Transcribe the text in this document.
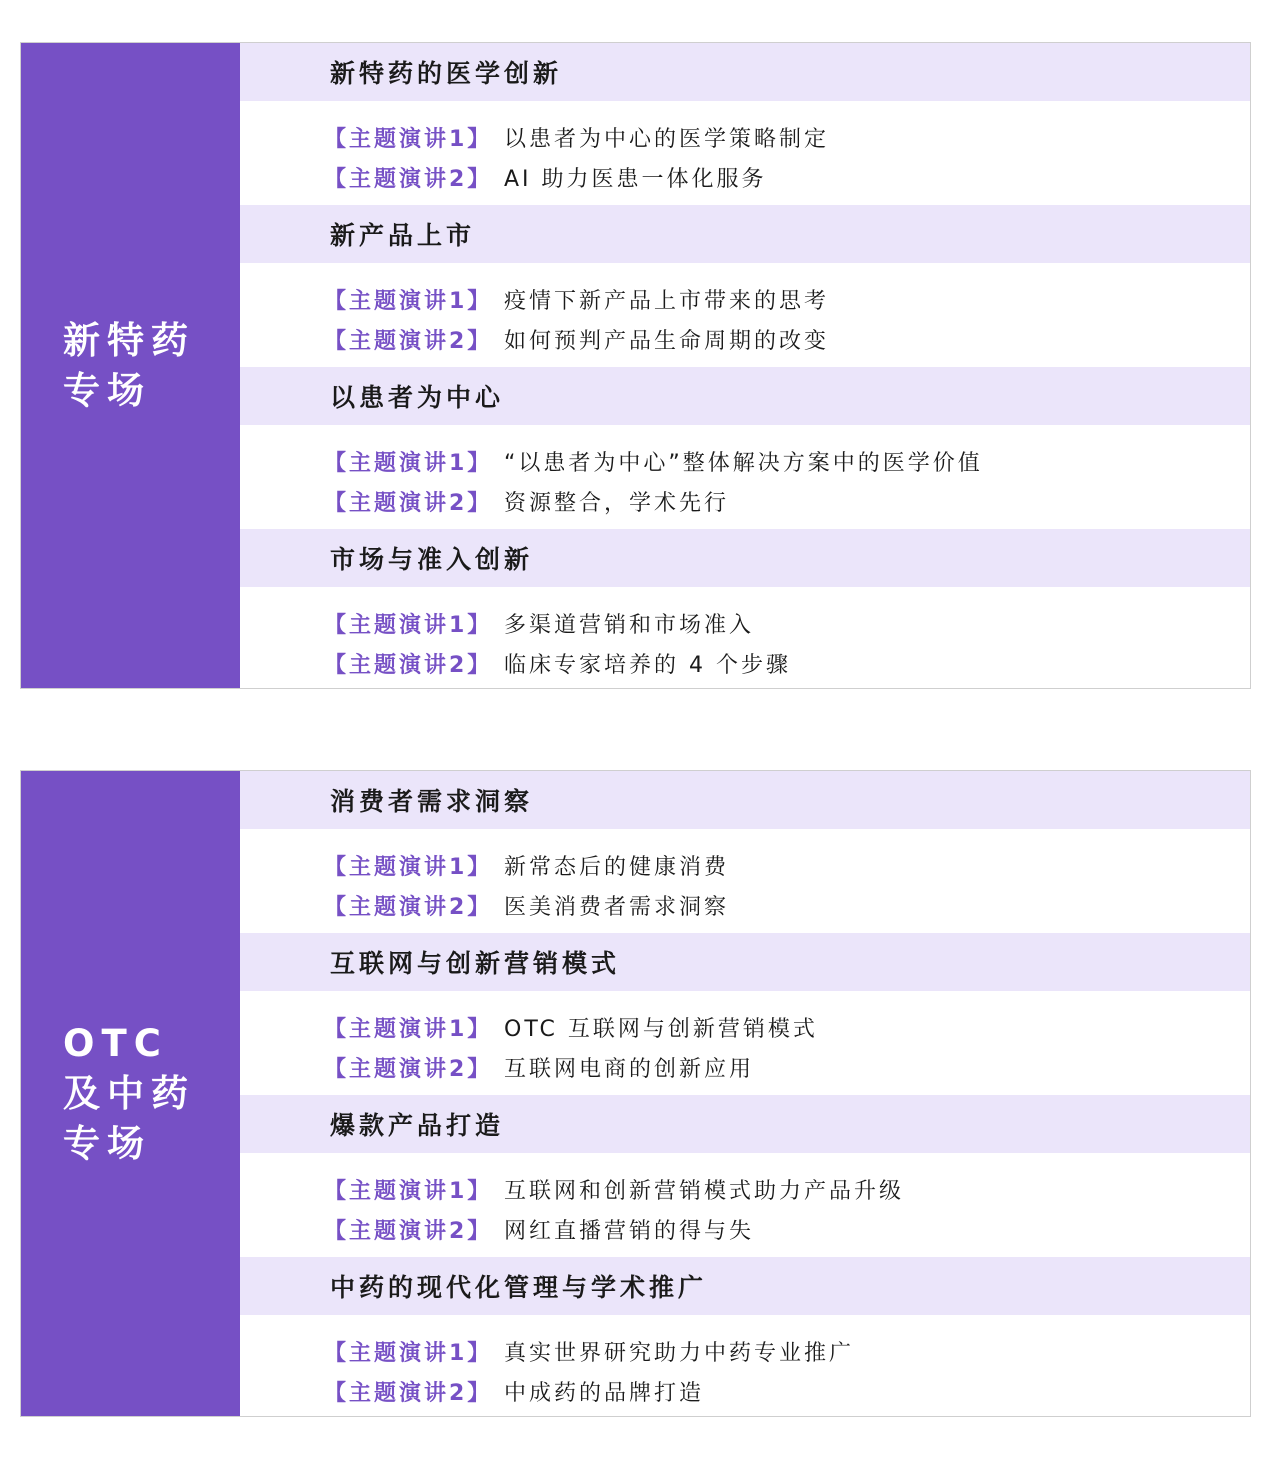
新特药
专场
新特药的医学创新
【主题演讲1】 以患者为中心的医学策略制定
【主题演讲2】 AI 助力医患一体化服务
新产品上市
【主题演讲1】 疫情下新产品上市带来的思考
【主题演讲2】 如何预判产品生命周期的改变
以患者为中心
【主题演讲1】 “以患者为中心”整体解决方案中的医学价值
【主题演讲2】 资源整合，学术先行
市场与准入创新
【主题演讲1】 多渠道营销和市场准入
【主题演讲2】 临床专家培养的 4 个步骤
OTC
及中药
专场
消费者需求洞察
【主题演讲1】 新常态后的健康消费
【主题演讲2】 医美消费者需求洞察
互联网与创新营销模式
【主题演讲1】 OTC 互联网与创新营销模式
【主题演讲2】 互联网电商的创新应用
爆款产品打造
【主题演讲1】 互联网和创新营销模式助力产品升级
【主题演讲2】 网红直播营销的得与失
中药的现代化管理与学术推广
【主题演讲1】 真实世界研究助力中药专业推广
【主题演讲2】 中成药的品牌打造
